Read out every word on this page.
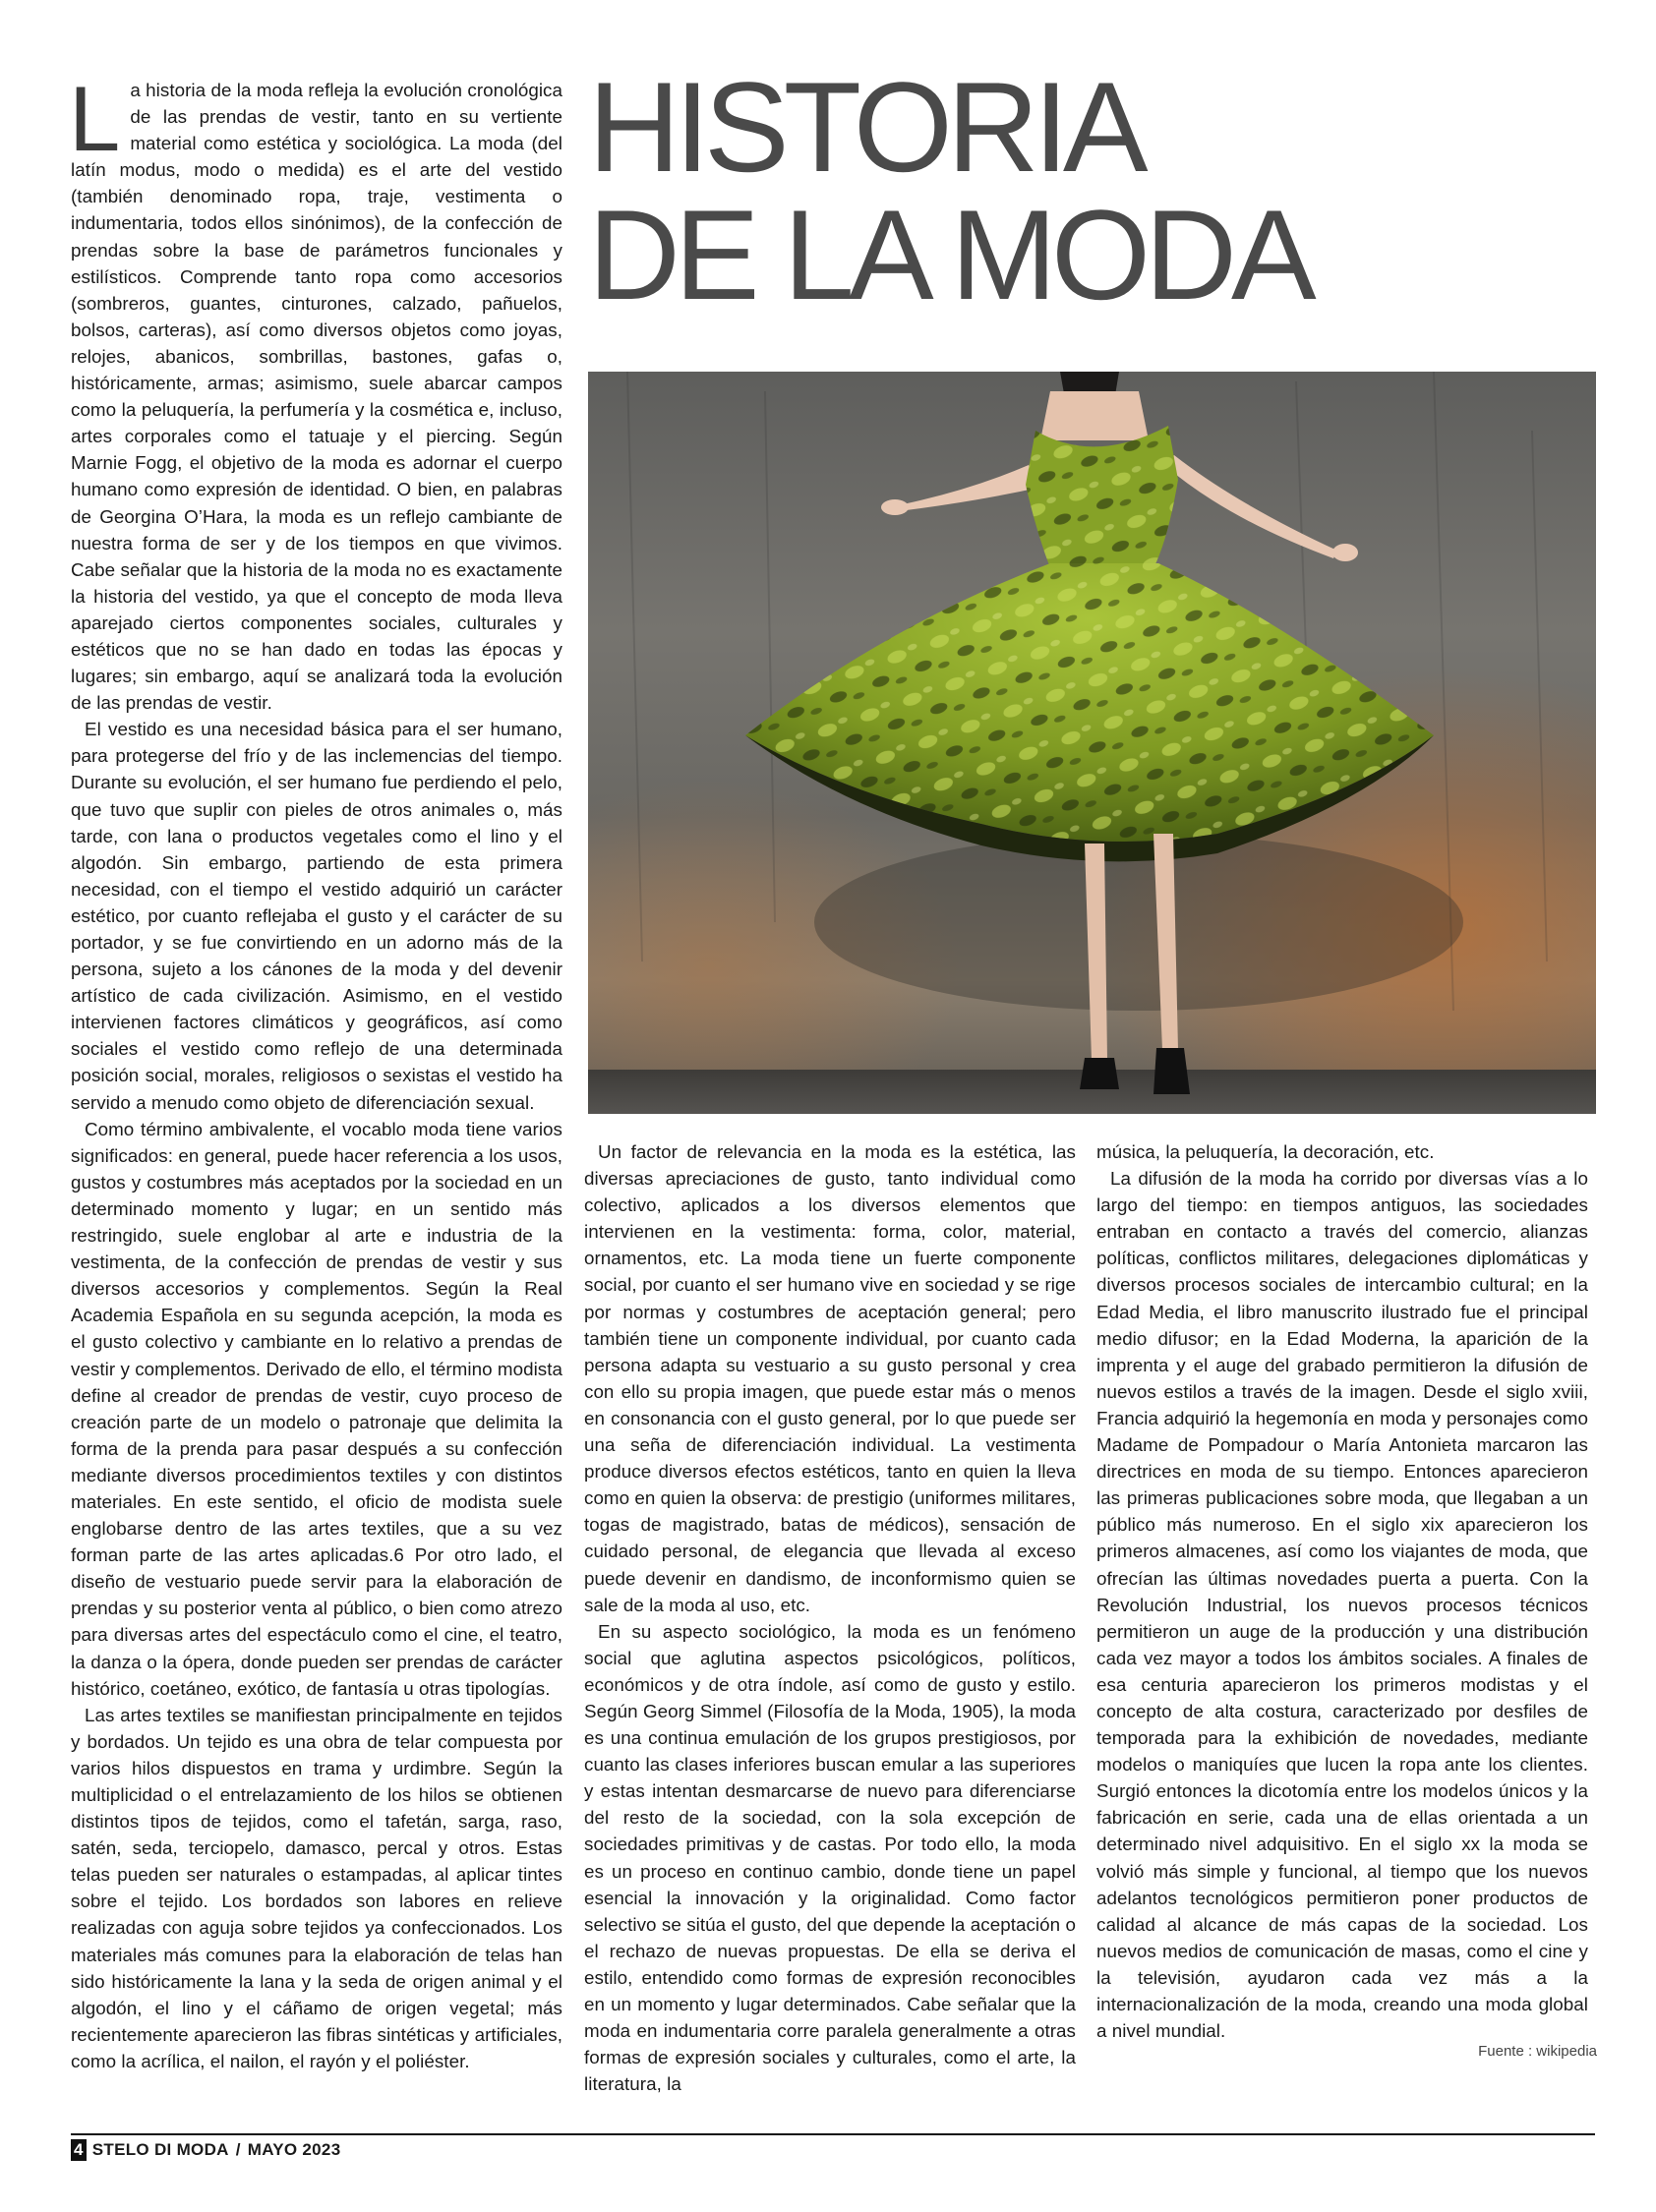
La historia de la moda refleja la evolución cronológica de las prendas de vestir, tanto en su vertiente material como estética y sociológica. La moda (del latín modus, modo o medida) es el arte del vestido (también denominado ropa, traje, vestimenta o indumentaria, todos ellos sinónimos), de la confección de prendas sobre la base de parámetros funcionales y estilísticos. Comprende tanto ropa como accesorios (sombreros, guantes, cinturones, calzado, pañuelos, bolsos, carteras), así como diversos objetos como joyas, relojes, abanicos, sombrillas, bastones, gafas o, históricamente, armas; asimismo, suele abarcar campos como la peluquería, la perfumería y la cosmética e, incluso, artes corporales como el tatuaje y el piercing. Según Marnie Fogg, el objetivo de la moda es adornar el cuerpo humano como expresión de identidad. O bien, en palabras de Georgina O’Hara, la moda es un reflejo cambiante de nuestra forma de ser y de los tiempos en que vivimos. Cabe señalar que la historia de la moda no es exactamente la historia del vestido, ya que el concepto de moda lleva aparejado ciertos componentes sociales, culturales y estéticos que no se han dado en todas las épocas y lugares; sin embargo, aquí se analizará toda la evolución de las prendas de vestir.

El vestido es una necesidad básica para el ser humano, para protegerse del frío y de las inclemencias del tiempo. Durante su evolución, el ser humano fue perdiendo el pelo, que tuvo que suplir con pieles de otros animales o, más tarde, con lana o productos vegetales como el lino y el algodón. Sin embargo, partiendo de esta primera necesidad, con el tiempo el vestido adquirió un carácter estético, por cuanto reflejaba el gusto y el carácter de su portador, y se fue convirtiendo en un adorno más de la persona, sujeto a los cánones de la moda y del devenir artístico de cada civilización. Asimismo, en el vestido intervienen factores climáticos y geográficos, así como sociales el vestido como reflejo de una determinada posición social, morales, religiosos o sexistas el vestido ha servido a menudo como objeto de diferenciación sexual.

Como término ambivalente, el vocablo moda tiene varios significados: en general, puede hacer referencia a los usos, gustos y costumbres más aceptados por la sociedad en un determinado momento y lugar; en un sentido más restringido, suele englobar al arte e industria de la vestimenta, de la confección de prendas de vestir y sus diversos accesorios y complementos. Según la Real Academia Española en su segunda acepción, la moda es el gusto colectivo y cambiante en lo relativo a prendas de vestir y complementos. Derivado de ello, el término modista define al creador de prendas de vestir, cuyo proceso de creación parte de un modelo o patronaje que delimita la forma de la prenda para pasar después a su confección mediante diversos procedimientos textiles y con distintos materiales. En este sentido, el oficio de modista suele englobarse dentro de las artes textiles, que a su vez forman parte de las artes aplicadas.6 Por otro lado, el diseño de vestuario puede servir para la elaboración de prendas y su posterior venta al público, o bien como atrezo para diversas artes del espectáculo como el cine, el teatro, la danza o la ópera, donde pueden ser prendas de carácter histórico, coetáneo, exótico, de fantasía u otras tipologías.

Las artes textiles se manifiestan principalmente en tejidos y bordados. Un tejido es una obra de telar compuesta por varios hilos dispuestos en trama y urdimbre. Según la multiplicidad o el entrelazamiento de los hilos se obtienen distintos tipos de tejidos, como el tafetán, sarga, raso, satén, seda, terciopelo, damasco, percal y otros. Estas telas pueden ser naturales o estampadas, al aplicar tintes sobre el tejido. Los bordados son labores en relieve realizadas con aguja sobre tejidos ya confeccionados. Los materiales más comunes para la elaboración de telas han sido históricamente la lana y la seda de origen animal y el algodón, el lino y el cáñamo de origen vegetal; más recientemente aparecieron las fibras sintéticas y artificiales, como la acrílica, el nailon, el rayón y el poliéster.

HISTORIA
DE LA MODA

Un factor de relevancia en la moda es la estética, las diversas apreciaciones de gusto, tanto individual como colectivo, aplicados a los diversos elementos que intervienen en la vestimenta: forma, color, material, ornamentos, etc. La moda tiene un fuerte componente social, por cuanto el ser humano vive en sociedad y se rige por normas y costumbres de aceptación general; pero también tiene un componente individual, por cuanto cada persona adapta su vestuario a su gusto personal y crea con ello su propia imagen, que puede estar más o menos en consonancia con el gusto general, por lo que puede ser una seña de diferenciación individual. La vestimenta produce diversos efectos estéticos, tanto en quien la lleva como en quien la observa: de prestigio (uniformes militares, togas de magistrado, batas de médicos), sensación de cuidado personal, de elegancia que llevada al exceso puede devenir en dandismo, de inconformismo quien se sale de la moda al uso, etc.

En su aspecto sociológico, la moda es un fenómeno social que aglutina aspectos psicológicos, políticos, económicos y de otra índole, así como de gusto y estilo. Según Georg Simmel (Filosofía de la Moda, 1905), la moda es una continua emulación de los grupos prestigiosos, por cuanto las clases inferiores buscan emular a las superiores y estas intentan desmarcarse de nuevo para diferenciarse del resto de la sociedad, con la sola excepción de sociedades primitivas y de castas. Por todo ello, la moda es un proceso en continuo cambio, donde tiene un papel esencial la innovación y la originalidad. Como factor selectivo se sitúa el gusto, del que depende la aceptación o el rechazo de nuevas propuestas. De ella se deriva el estilo, entendido como formas de expresión reconocibles en un momento y lugar determinados. Cabe señalar que la moda en indumentaria corre paralela generalmente a otras formas de expresión sociales y culturales, como el arte, la literatura, la

música, la peluquería, la decoración, etc.

La difusión de la moda ha corrido por diversas vías a lo largo del tiempo: en tiempos antiguos, las sociedades entraban en contacto a través del comercio, alianzas políticas, conflictos militares, delegaciones diplomáticas y diversos procesos sociales de intercambio cultural; en la Edad Media, el libro manuscrito ilustrado fue el principal medio difusor; en la Edad Moderna, la aparición de la imprenta y el auge del grabado permitieron la difusión de nuevos estilos a través de la imagen. Desde el siglo xviii, Francia adquirió la hegemonía en moda y personajes como Madame de Pompadour o María Antonieta marcaron las directrices en moda de su tiempo. Entonces aparecieron las primeras publicaciones sobre moda, que llegaban a un público más numeroso. En el siglo xix aparecieron los primeros almacenes, así como los viajantes de moda, que ofrecían las últimas novedades puerta a puerta. Con la Revolución Industrial, los nuevos procesos técnicos permitieron un auge de la producción y una distribución cada vez mayor a todos los ámbitos sociales. A finales de esa centuria aparecieron los primeros modistas y el concepto de alta costura, caracterizado por desfiles de temporada para la exhibición de novedades, mediante modelos o maniquíes que lucen la ropa ante los clientes. Surgió entonces la dicotomía entre los modelos únicos y la fabricación en serie, cada una de ellas orientada a un determinado nivel adquisitivo. En el siglo xx la moda se volvió más simple y funcional, al tiempo que los nuevos adelantos tecnológicos permitieron poner productos de calidad al alcance de más capas de la sociedad. Los nuevos medios de comunicación de masas, como el cine y la televisión, ayudaron cada vez más a la internacionalización de la moda, creando una moda global a nivel mundial.

Fuente : wikipedia
4 STELO DI MODA / MAYO 2023
